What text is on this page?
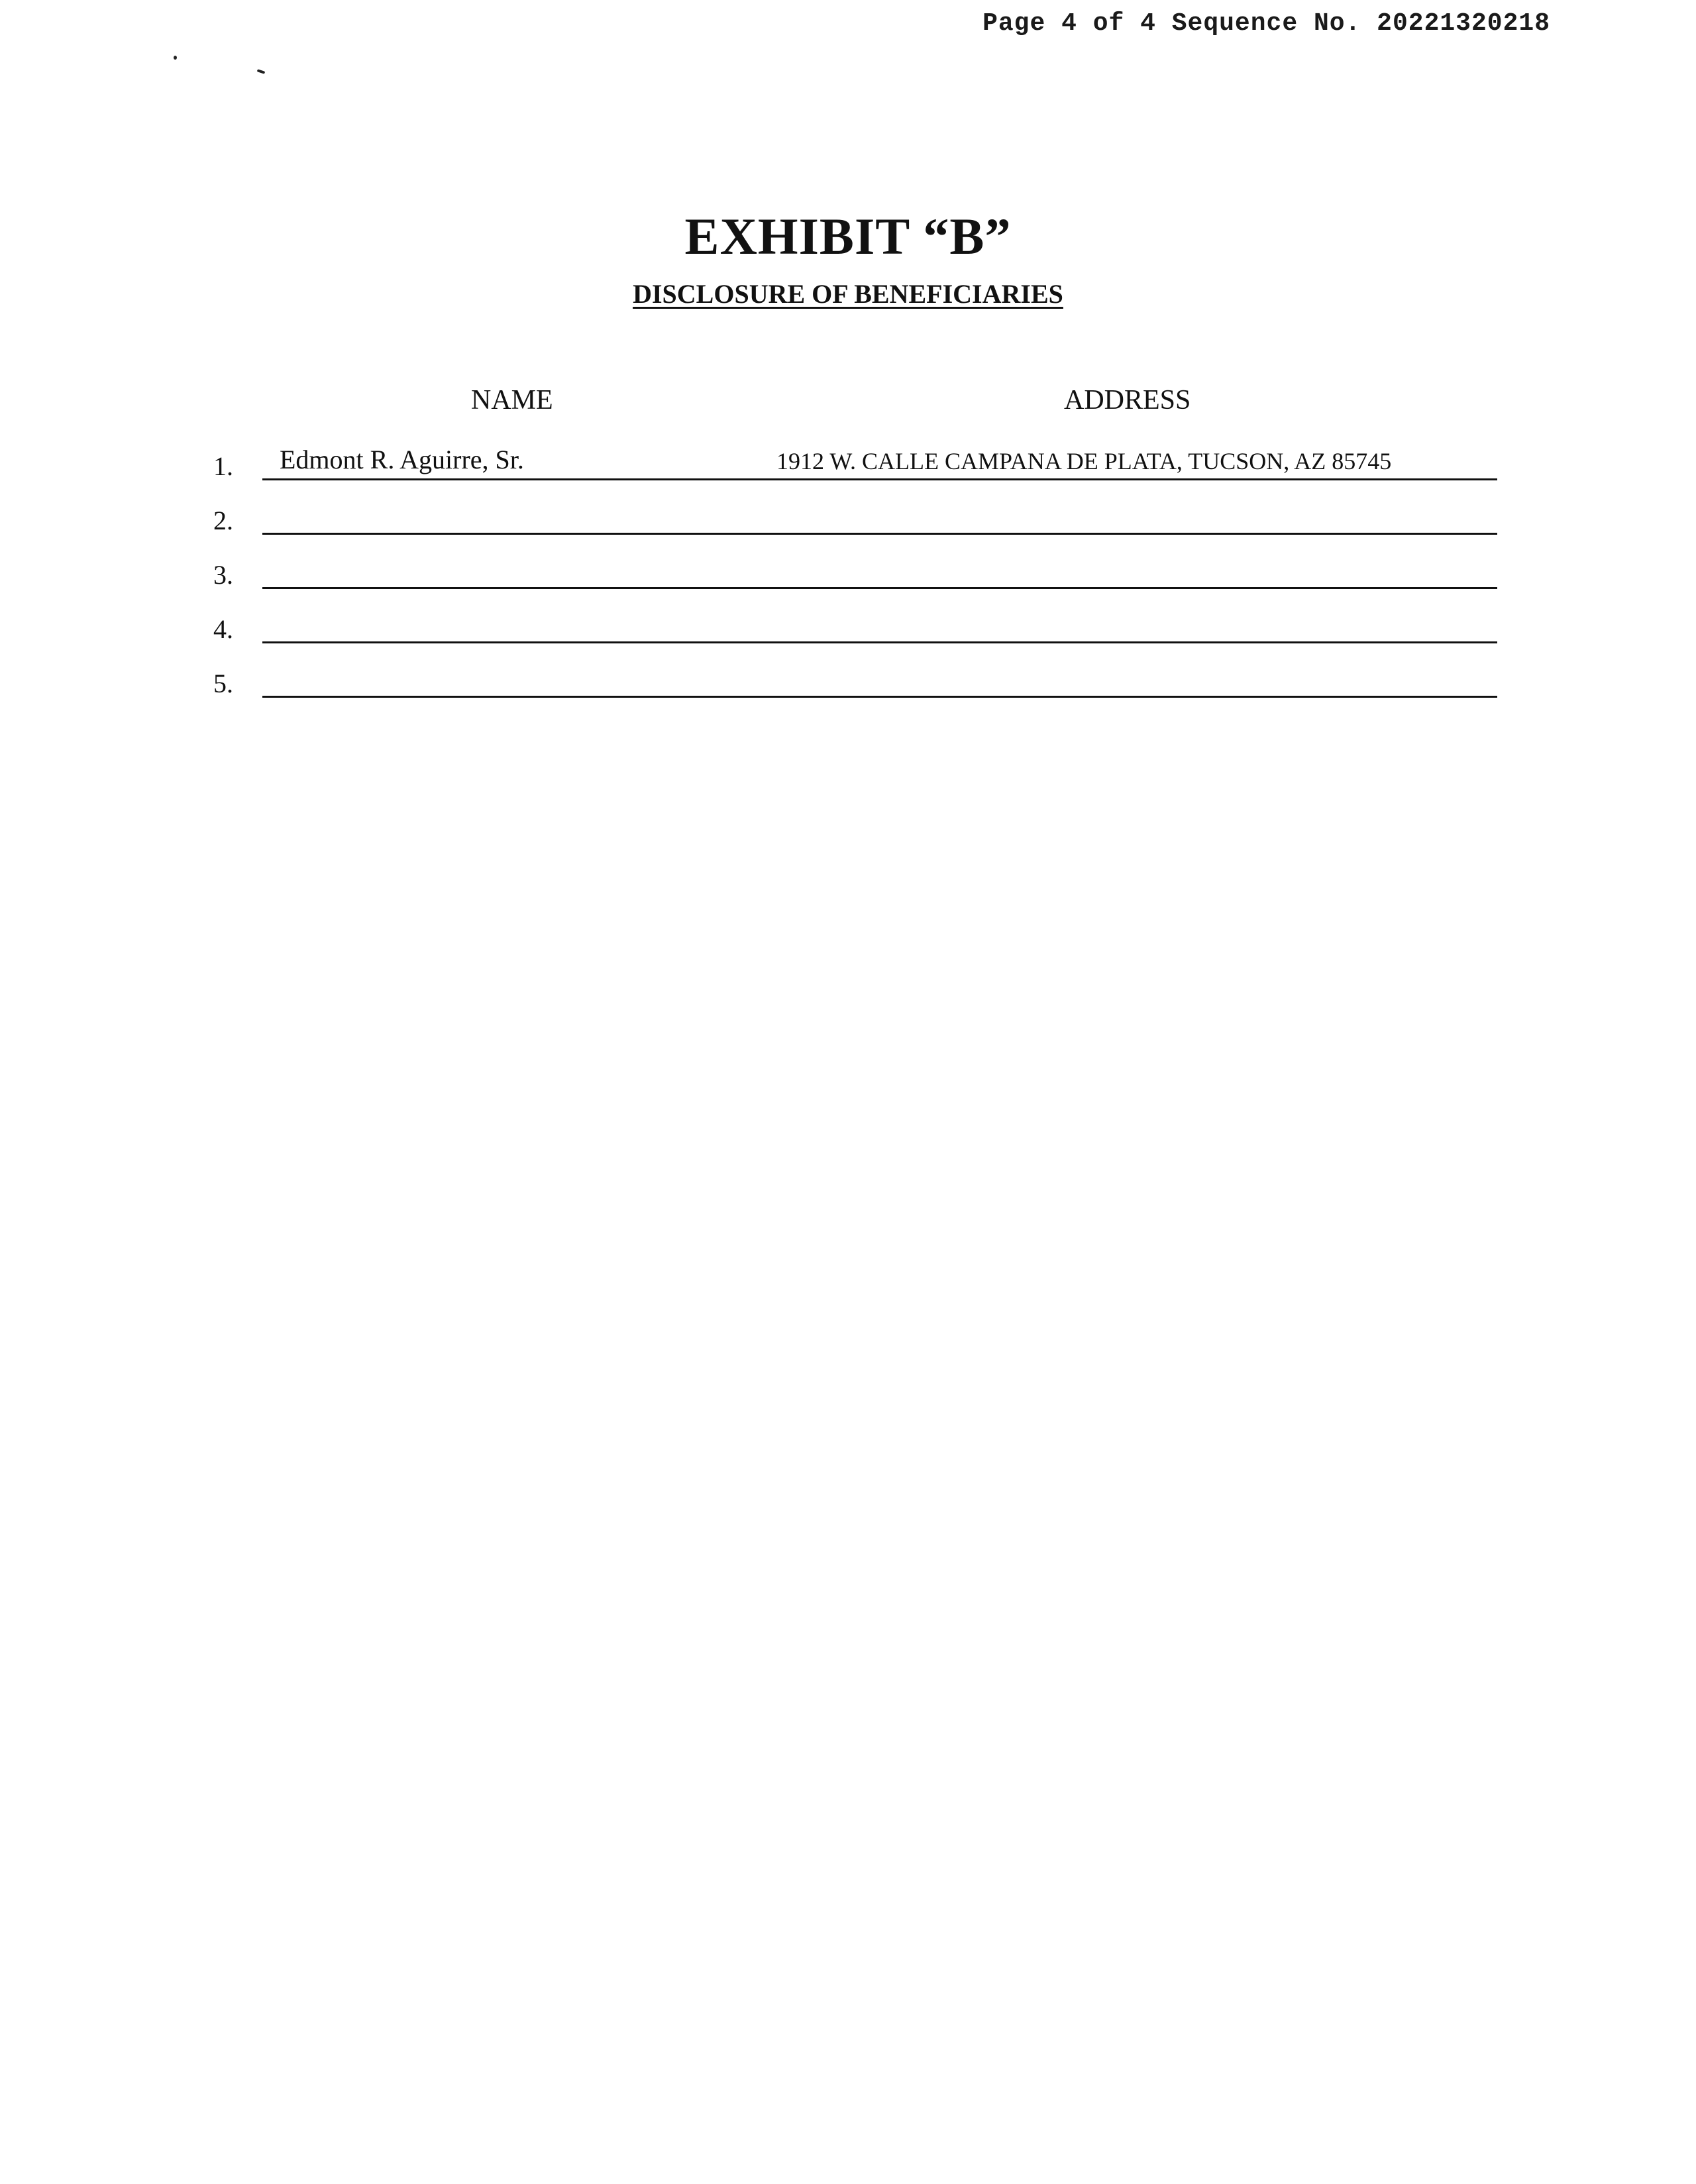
Page 4 of 4 Sequence No. 20221320218
EXHIBIT “B”
DISCLOSURE OF BENEFICIARIES
NAME	ADDRESS
1. Edmont R. Aguirre, Sr.	1912 W. CALLE CAMPANA DE PLATA, TUCSON, AZ 85745
2.
3.
4.
5.
